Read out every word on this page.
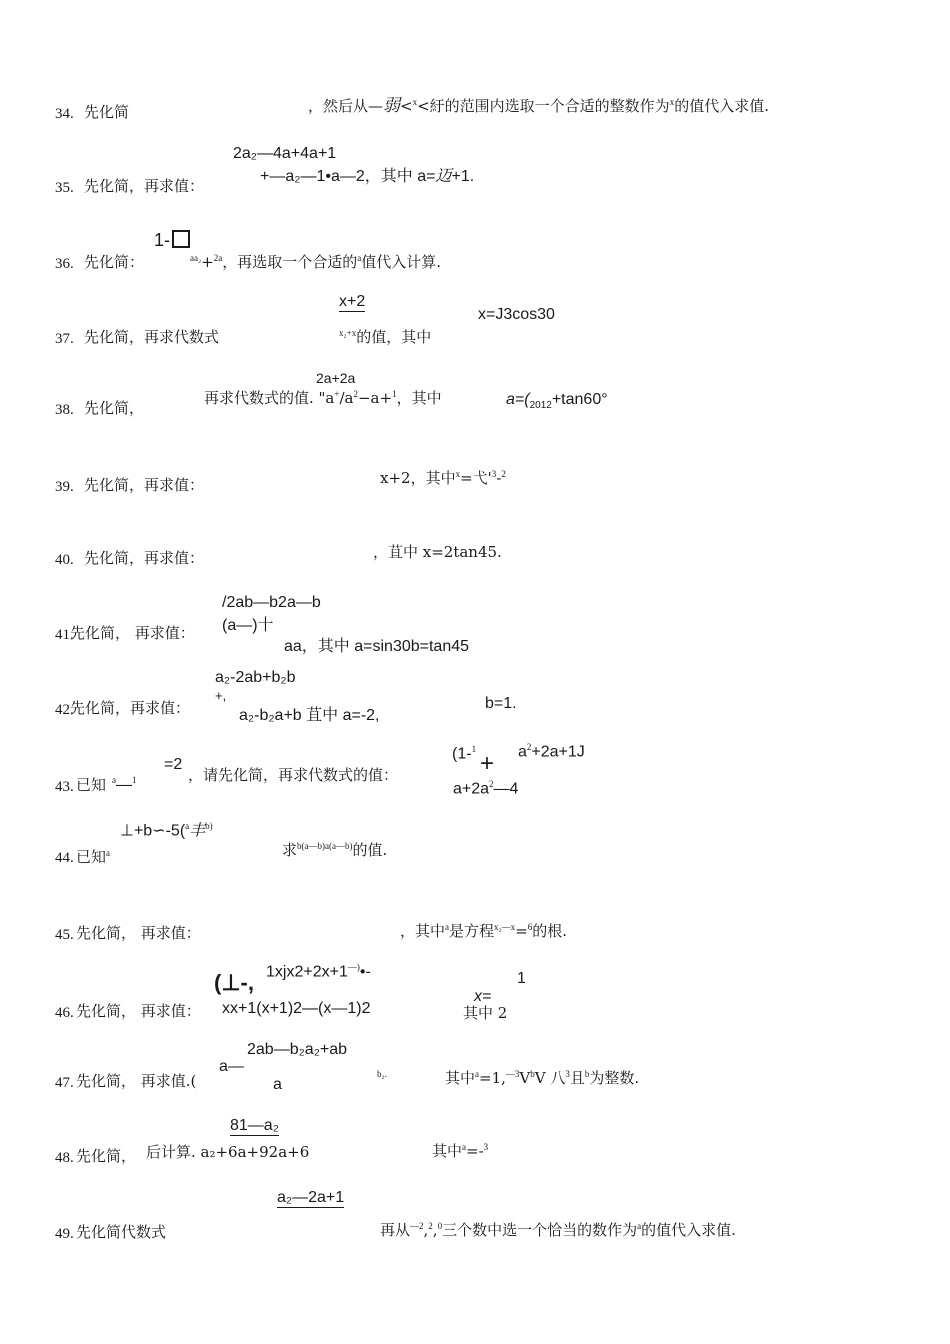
34. 先化简	，然后从—弱<$^x$<紆的范围内选取一个合适的整数作为$^x$的值代入求值.
2a₂—4a+4a+1
35. 先化简，再求值：
+—a₂—1•a—2，其中 a=迈+1.
1-
36. 先化简：	$^{aa_2}$+$^{2a}$，再选取一个合适的$^a$值代入计算.
x+2
x=J3cos30
37. 先化简，再求代数式	$^{x_2+x}$的值，其中
2a+2a
再求代数式的值. "$a^+/a^2-a+^1$，其中	$a=(_{2012}+\tan 60^\circ$
38. 先化简，
x+2，其中$^x$=弋'$^3-^2$
39. 先化简，再求值：
，苴中 x=2tan45.
40. 先化简，再求值：
/2ab—b2a—b
(a—)十
41.
先化简， 再求值：
aa，其中 a=sin30b=tan45
a₂-2ab+b₂b
+,	b=1.
42.
先化简，再求值：	a₂-b₂a+b 苴中 a=-2,
(1-$^1$
+ $a^2+2a+1J$
=2
，请先化简，再求代数式的值：
43. 已知 $^a$—$^1$
$a+2a^2—4$
⊥+b∽-5($^a$丰$^{b)}$
求$^{b(a—b)a(a—b)}$的值.
44. 已知$^a$
，其中$^a$是方程$^{x_2—x}$=$^6$的根.
45. 先化简， 再求值：
1xjx2+2x+1—)•-	1
(⊥-,
x=
xx+1(x+1)2—(x—1)2	其中 2
46. 先化简， 再求值：
2ab—b₂a₂+ab
a—	b₂.	其中$^a=1,^{—3}V^bV$ 八$^3$且$^b$为整数.
47. 先化简， 再求值.(	a
81—a₂
其中$^a$=-$^3$
后计算. a₂+6a+92a+6
48. 先化简，
a₂—2a+1
再从$^{—2}$,$^2$,$^0$三个数中选一个恰当的数作为$^a$的值代入求值.
49. 先化简代数式
